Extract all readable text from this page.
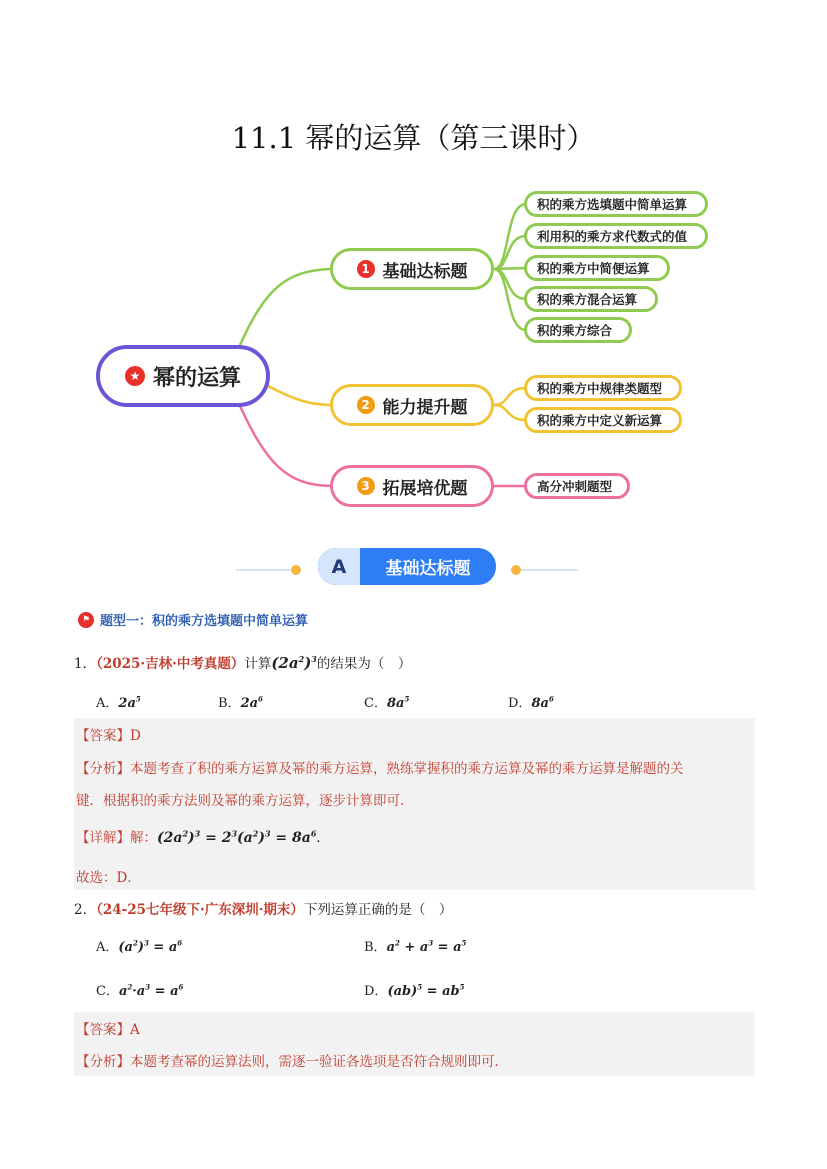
11.1 幂的运算（第三课时）
★ 幂的运算
1 基础达标题
2 能力提升题
3 拓展培优题
积的乘方选填题中简单运算
利用积的乘方求代数式的值
积的乘方中简便运算
积的乘方混合运算
积的乘方综合
积的乘方中规律类题型
积的乘方中定义新运算
高分冲刺题型
A	基础达标题
⚑ 题型一：积的乘方选填题中简单运算
1．（2025·吉林·中考真题）计算$(2a^2)^3$的结果为（　）
A．$2a^5$	B．$2a^6$	C．$8a^5$	D．$8a^6$
【答案】D
【分析】本题考查了积的乘方运算及幂的乘方运算，熟练掌握积的乘方运算及幂的乘方运算是解题的关
键．根据积的乘方法则及幂的乘方运算，逐步计算即可．
【详解】解：$(2a^2)^3 = 2^3(a^2)^3 = 8a^6$．
故选：D．
2．（24-25七年级下·广东深圳·期末）下列运算正确的是（　）
A．$(a^2)^3 = a^6$	B．$a^2 + a^3 = a^5$
C．$a^2\cdot a^3 = a^6$	D．$(ab)^5 = ab^5$
【答案】A
【分析】本题考查幂的运算法则，需逐一验证各选项是否符合规则即可．
